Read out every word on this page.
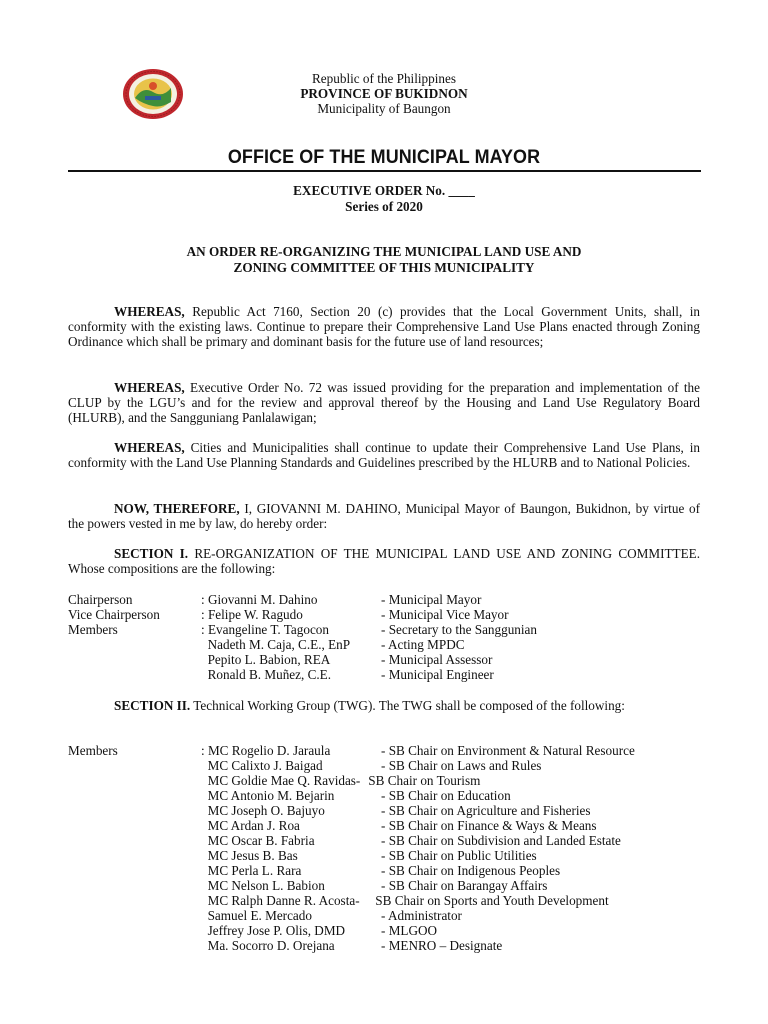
Republic of the Philippines
PROVINCE OF BUKIDNON
Municipality of Baungon
OFFICE OF THE MUNICIPAL MAYOR
EXECUTIVE ORDER No. ____
Series of 2020
AN ORDER RE-ORGANIZING THE MUNICIPAL LAND USE AND
ZONING COMMITTEE OF THIS MUNICIPALITY
WHEREAS, Republic Act 7160, Section 20 (c) provides that the Local Government Units, shall, in conformity with the existing laws. Continue to prepare their Comprehensive Land Use Plans enacted through Zoning Ordinance which shall be primary and dominant basis for the future use of land resources;
WHEREAS, Executive Order No. 72 was issued providing for the preparation and implementation of the CLUP by the LGU’s and for the review and approval thereof by the Housing and Land Use Regulatory Board (HLURB), and the Sangguniang Panlalawigan;
WHEREAS, Cities and Municipalities shall continue to update their Comprehensive Land Use Plans, in conformity with the Land Use Planning Standards and Guidelines prescribed by the HLURB and to National Policies.
NOW, THEREFORE, I, GIOVANNI M. DAHINO, Municipal Mayor of Baungon, Bukidnon, by virtue of the powers vested in me by law, do hereby order:
SECTION I. RE-ORGANIZATION OF THE MUNICIPAL LAND USE AND ZONING COMMITTEE. Whose compositions are the following:
Chairperson	: Giovanni M. Dahino	- Municipal Mayor
Vice Chairperson	: Felipe W. Ragudo	- Municipal Vice Mayor
Members	: Evangeline T. Tagocon	- Secretary to the Sanggunian
Nadeth M. Caja, C.E., EnP - Acting MPDC
Pepito L. Babion, REA	- Municipal Assessor
Ronald B. Muñez, C.E.	- Municipal Engineer
SECTION II. Technical Working Group (TWG). The TWG shall be composed of the following:
Members	: MC Rogelio D. Jaraula	- SB Chair on Environment & Natural Resource
MC Calixto J. Baigad	- SB Chair on Laws and Rules
MC Goldie Mae Q. Ravidas- SB Chair on Tourism
MC Antonio M. Bejarin	- SB Chair on Education
MC Joseph O. Bajuyo	- SB Chair on Agriculture and Fisheries
MC Ardan J. Roa	- SB Chair on Finance & Ways & Means
MC Oscar B. Fabria	- SB Chair on Subdivision and Landed Estate
MC Jesus B. Bas	- SB Chair on Public Utilities
MC Perla L. Rara	- SB Chair on Indigenous Peoples
MC Nelson L. Babion	- SB Chair on Barangay Affairs
MC Ralph Danne R. Acosta- SB Chair on Sports and Youth Development
Samuel E. Mercado	- Administrator
Jeffrey Jose P. Olis, DMD	- MLGOO
Ma. Socorro D. Orejana	- MENRO – Designate
